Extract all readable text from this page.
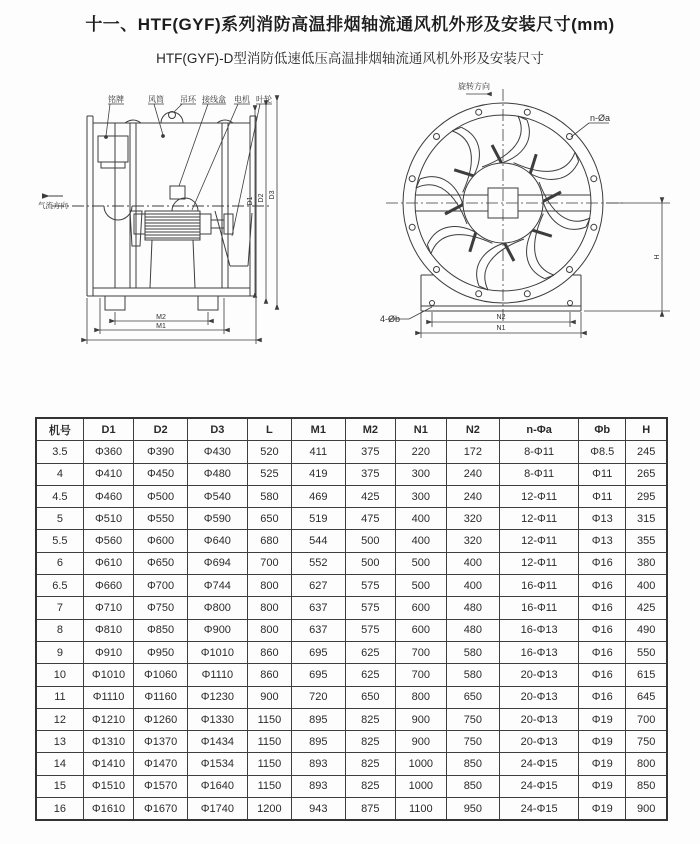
十一、HTF(GYF)系列消防高温排烟轴流通风机外形及安装尺寸(mm)
HTF(GYF)-D型消防低速低压高温排烟轴流通风机外形及安装尺寸
铭牌	风筒 吊环 接线盒 电机 叶轮
气流方向
M2
M1
D1 D2 D3
旋转方向
n-Øa
4-Øb	N2
N1
H
机号	D1	D2	D3	L	M1	M2	N1	N2	n-Φa	Φb	H
3.5	Φ360	Φ390	Φ430	520	411	375	220	172	8-Φ11	Φ8.5	245
4	Φ410	Φ450	Φ480	525	419	375	300	240	8-Φ11	Φ11	265
4.5	Φ460	Φ500	Φ540	580	469	425	300	240	12-Φ11	Φ11	295
5	Φ510	Φ550	Φ590	650	519	475	400	320	12-Φ11	Φ13	315
5.5	Φ560	Φ600	Φ640	680	544	500	400	320	12-Φ11	Φ13	355
6	Φ610	Φ650	Φ694	700	552	500	500	400	12-Φ11	Φ16	380
6.5	Φ660	Φ700	Φ744	800	627	575	500	400	16-Φ11	Φ16	400
7	Φ710	Φ750	Φ800	800	637	575	600	480	16-Φ11	Φ16	425
8	Φ810	Φ850	Φ900	800	637	575	600	480	16-Φ13	Φ16	490
9	Φ910	Φ950	Φ1010	860	695	625	700	580	16-Φ13	Φ16	550
10	Φ1010	Φ1060	Φ1110	860	695	625	700	580	20-Φ13	Φ16	615
11	Φ1110	Φ1160	Φ1230	900	720	650	800	650	20-Φ13	Φ16	645
12	Φ1210	Φ1260	Φ1330	1150	895	825	900	750	20-Φ13	Φ19	700
13	Φ1310	Φ1370	Φ1434	1150	895	825	900	750	20-Φ13	Φ19	750
14	Φ1410	Φ1470	Φ1534	1150	893	825	1000	850	24-Φ15	Φ19	800
15	Φ1510	Φ1570	Φ1640	1150	893	825	1000	850	24-Φ15	Φ19	850
16	Φ1610	Φ1670	Φ1740	1200	943	875	1100	950	24-Φ15	Φ19	900
